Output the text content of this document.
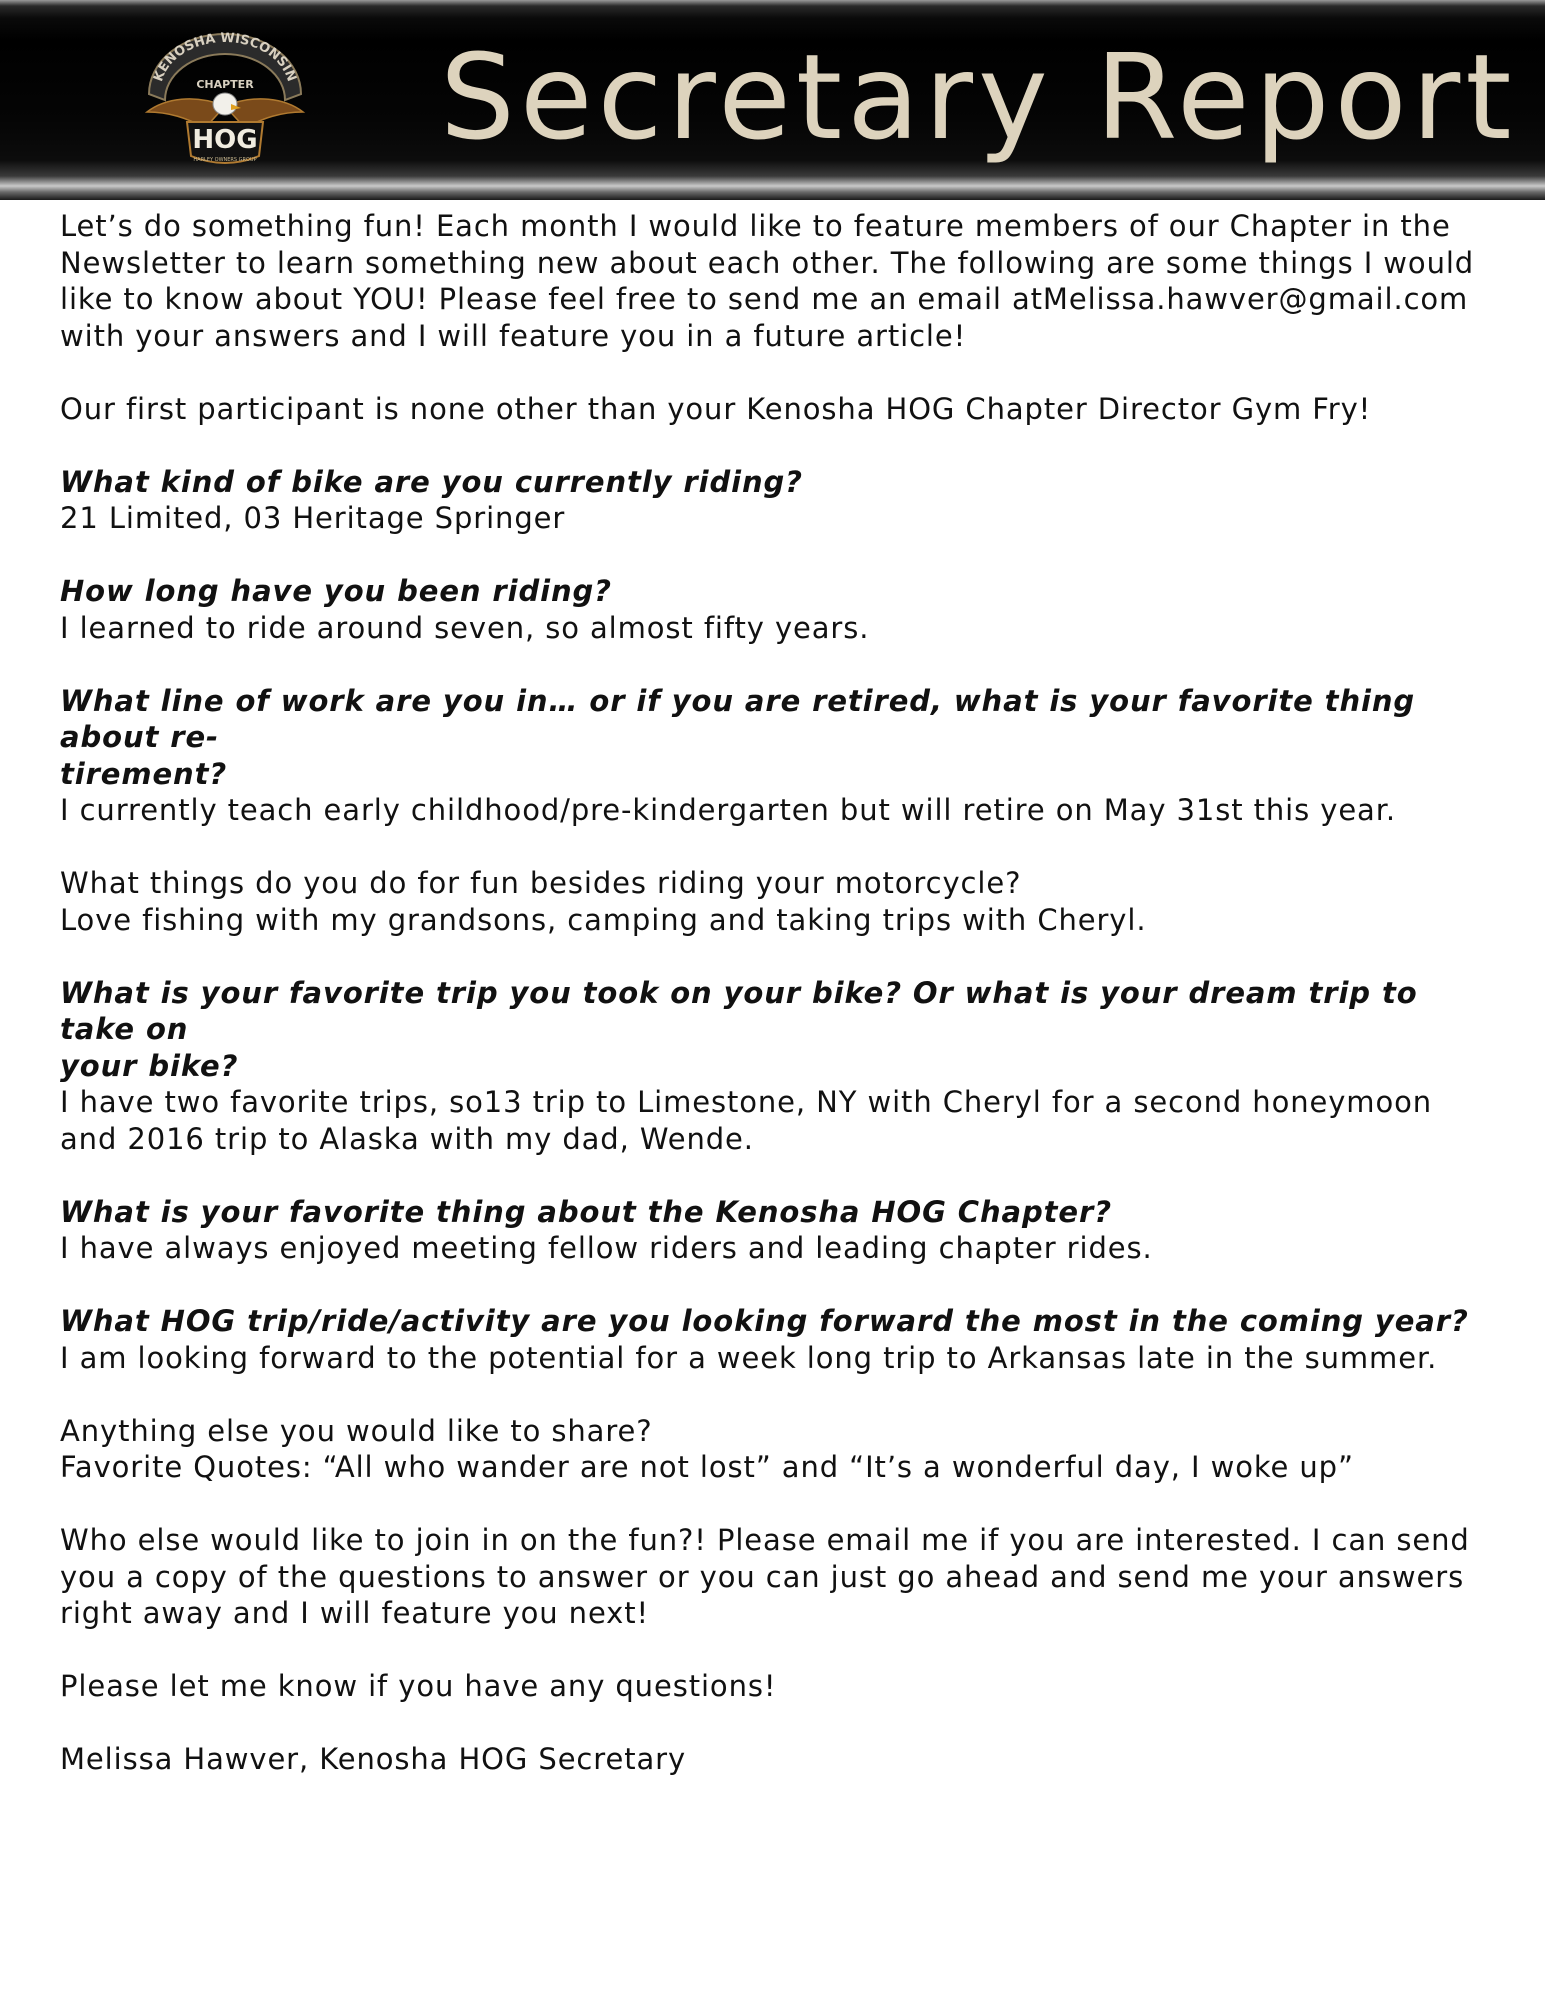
KENOSHA WISCONSIN
CHAPTER
HOG
HARLEY OWNERS GROUP Secretary Report
Let’s do something fun! Each month I would like to feature members of our Chapter in the
Newsletter to learn something new about each other. The following are some things I would
like to know about YOU! Please feel free to send me an email atMelissa.hawver@gmail.com
with your answers and I will feature you in a future article!
Our first participant is none other than your Kenosha HOG Chapter Director Gym Fry!
What kind of bike are you currently riding?
21 Limited, 03 Heritage Springer
How long have you been riding?
I learned to ride around seven, so almost fifty years.
What line of work are you in… or if you are retired, what is your favorite thing about re-
tirement?
I currently teach early childhood/pre-kindergarten but will retire on May 31st this year.
What things do you do for fun besides riding your motorcycle?
Love fishing with my grandsons, camping and taking trips with Cheryl.
What is your favorite trip you took on your bike? Or what is your dream trip to take on
your bike?
I have two favorite trips, so13 trip to Limestone, NY with Cheryl for a second honeymoon
and 2016 trip to Alaska with my dad, Wende.
What is your favorite thing about the Kenosha HOG Chapter?
I have always enjoyed meeting fellow riders and leading chapter rides.
What HOG trip/ride/activity are you looking forward the most in the coming year?
I am looking forward to the potential for a week long trip to Arkansas late in the summer.
Anything else you would like to share?
Favorite Quotes: “All who wander are not lost” and “It’s a wonderful day, I woke up”
Who else would like to join in on the fun?! Please email me if you are interested. I can send
you a copy of the questions to answer or you can just go ahead and send me your answers
right away and I will feature you next!
Please let me know if you have any questions!
Melissa Hawver, Kenosha HOG Secretary
